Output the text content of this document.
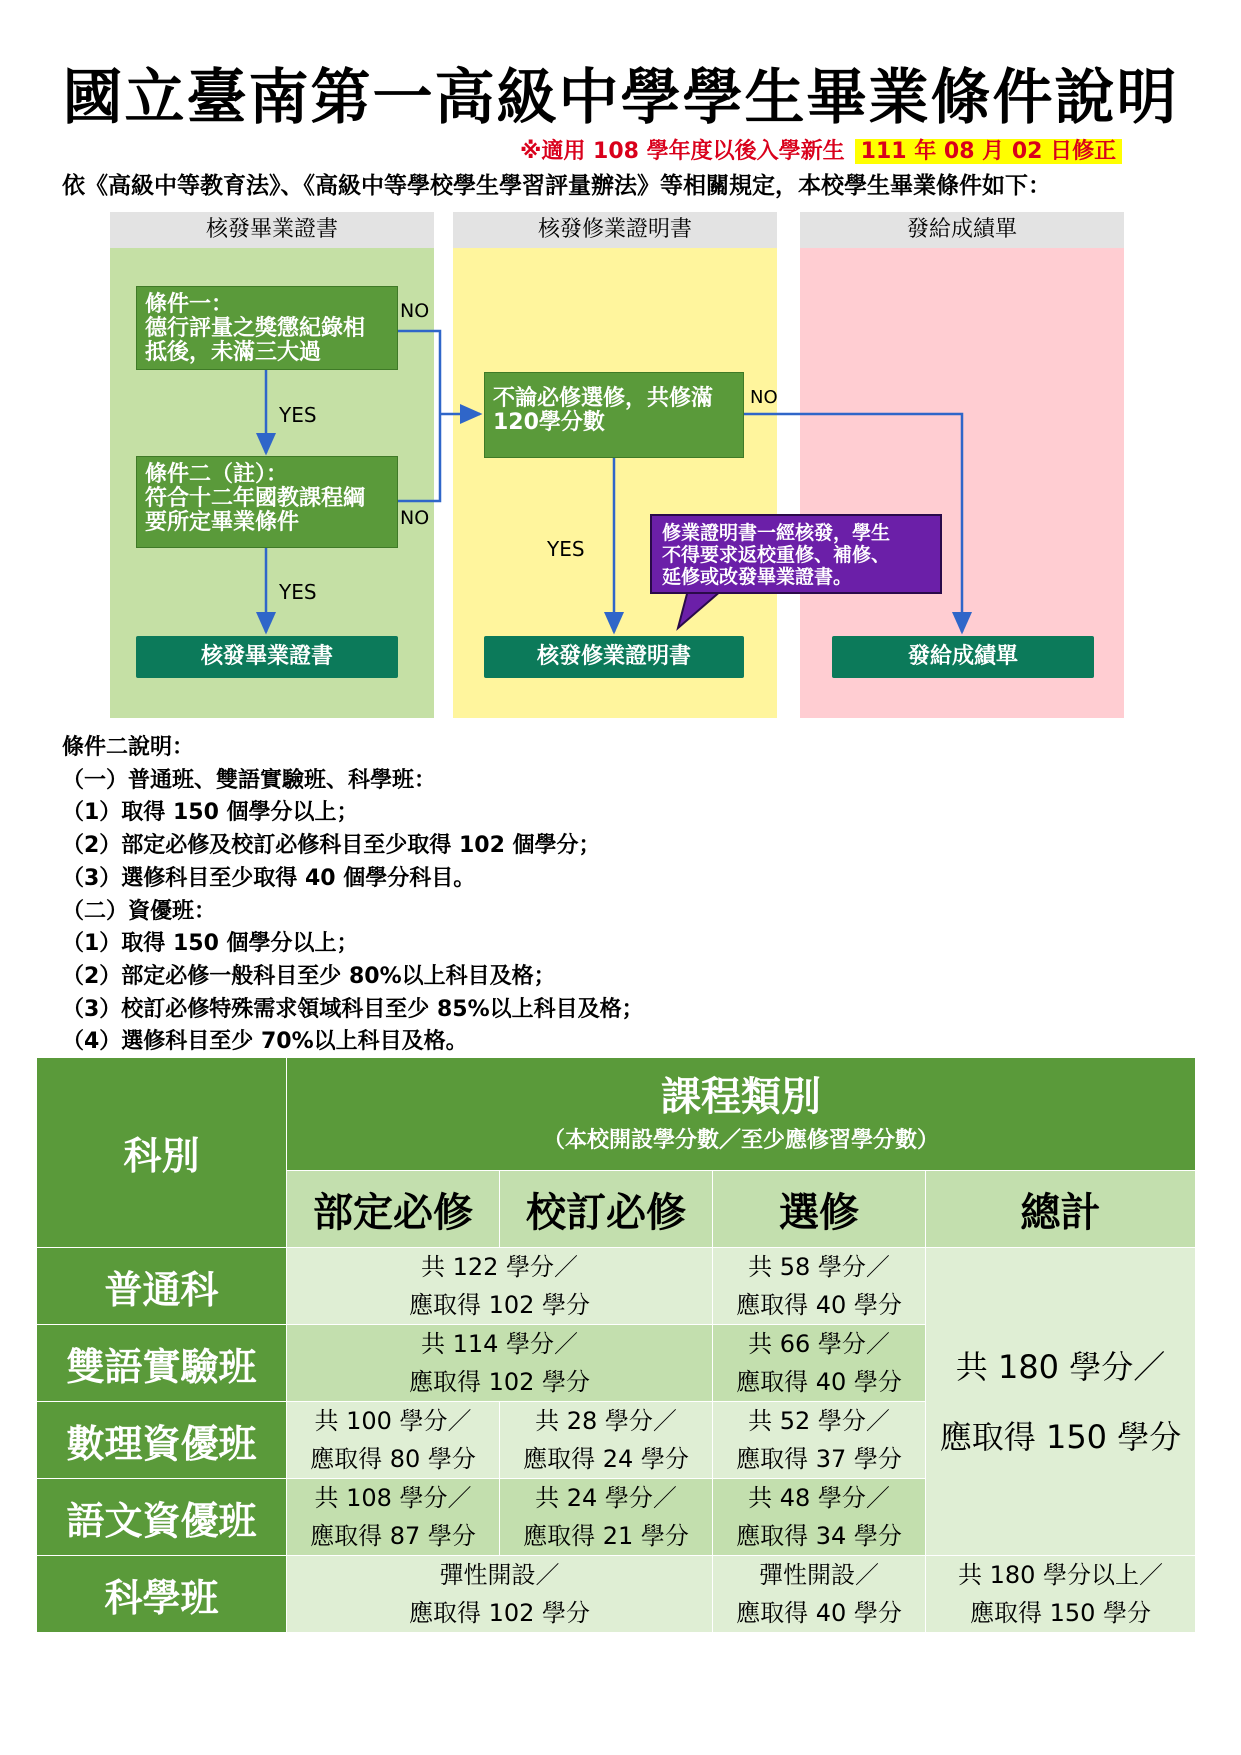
國立臺南第一高級中學學生畢業條件說明
※適用 108 學年度以後入學新生 111 年 08 月 02 日修正
依《高級中等教育法》、《高級中等學校學生學習評量辦法》等相關規定，本校學生畢業條件如下：
核發畢業證書	核發修業證明書	發給成績單
條件一：
德行評量之獎懲紀錄相
抵後，未滿三大過
條件二（註）：
符合十二年國教課程綱
要所定畢業條件
不論必修選修，共修滿
120學分數
YES
YES
YES
NO
NO
NO
核發畢業證書	核發修業證明書	發給成績單
修業證明書一經核發，學生
不得要求返校重修、補修、
延修或改發畢業證書。
條件二說明：
（一）普通班、雙語實驗班、科學班：
（1）取得 150 個學分以上；
（2）部定必修及校訂必修科目至少取得 102 個學分；
（3）選修科目至少取得 40 個學分科目。
（二）資優班：
（1）取得 150 個學分以上；
（2）部定必修一般科目至少 80%以上科目及格；
（3）校訂必修特殊需求領域科目至少 85%以上科目及格；
（4）選修科目至少 70%以上科目及格。
科別	課程類別
（本校開設學分數／至少應修習學分數）			

	部定必修	校訂必修	選修	總計
普通科	共 122 學分／
應取得 102 學分		共 58 學分／
應取得 40 學分	共 180 學分／
應取得 150 學分

雙語實驗班	共 114 學分／
應取得 102 學分		共 66 學分／
應取得 40 學分	

數理資優班	共 100 學分／
應取得 80 學分	共 28 學分／
應取得 24 學分	共 52 學分／
應取得 37 學分	

語文資優班	共 108 學分／
應取得 87 學分	共 24 學分／
應取得 21 學分	共 48 學分／
應取得 34 學分	

科學班	彈性開設／
應取得 102 學分		彈性開設／
應取得 40 學分	共 180 學分以上／
應取得 150 學分
